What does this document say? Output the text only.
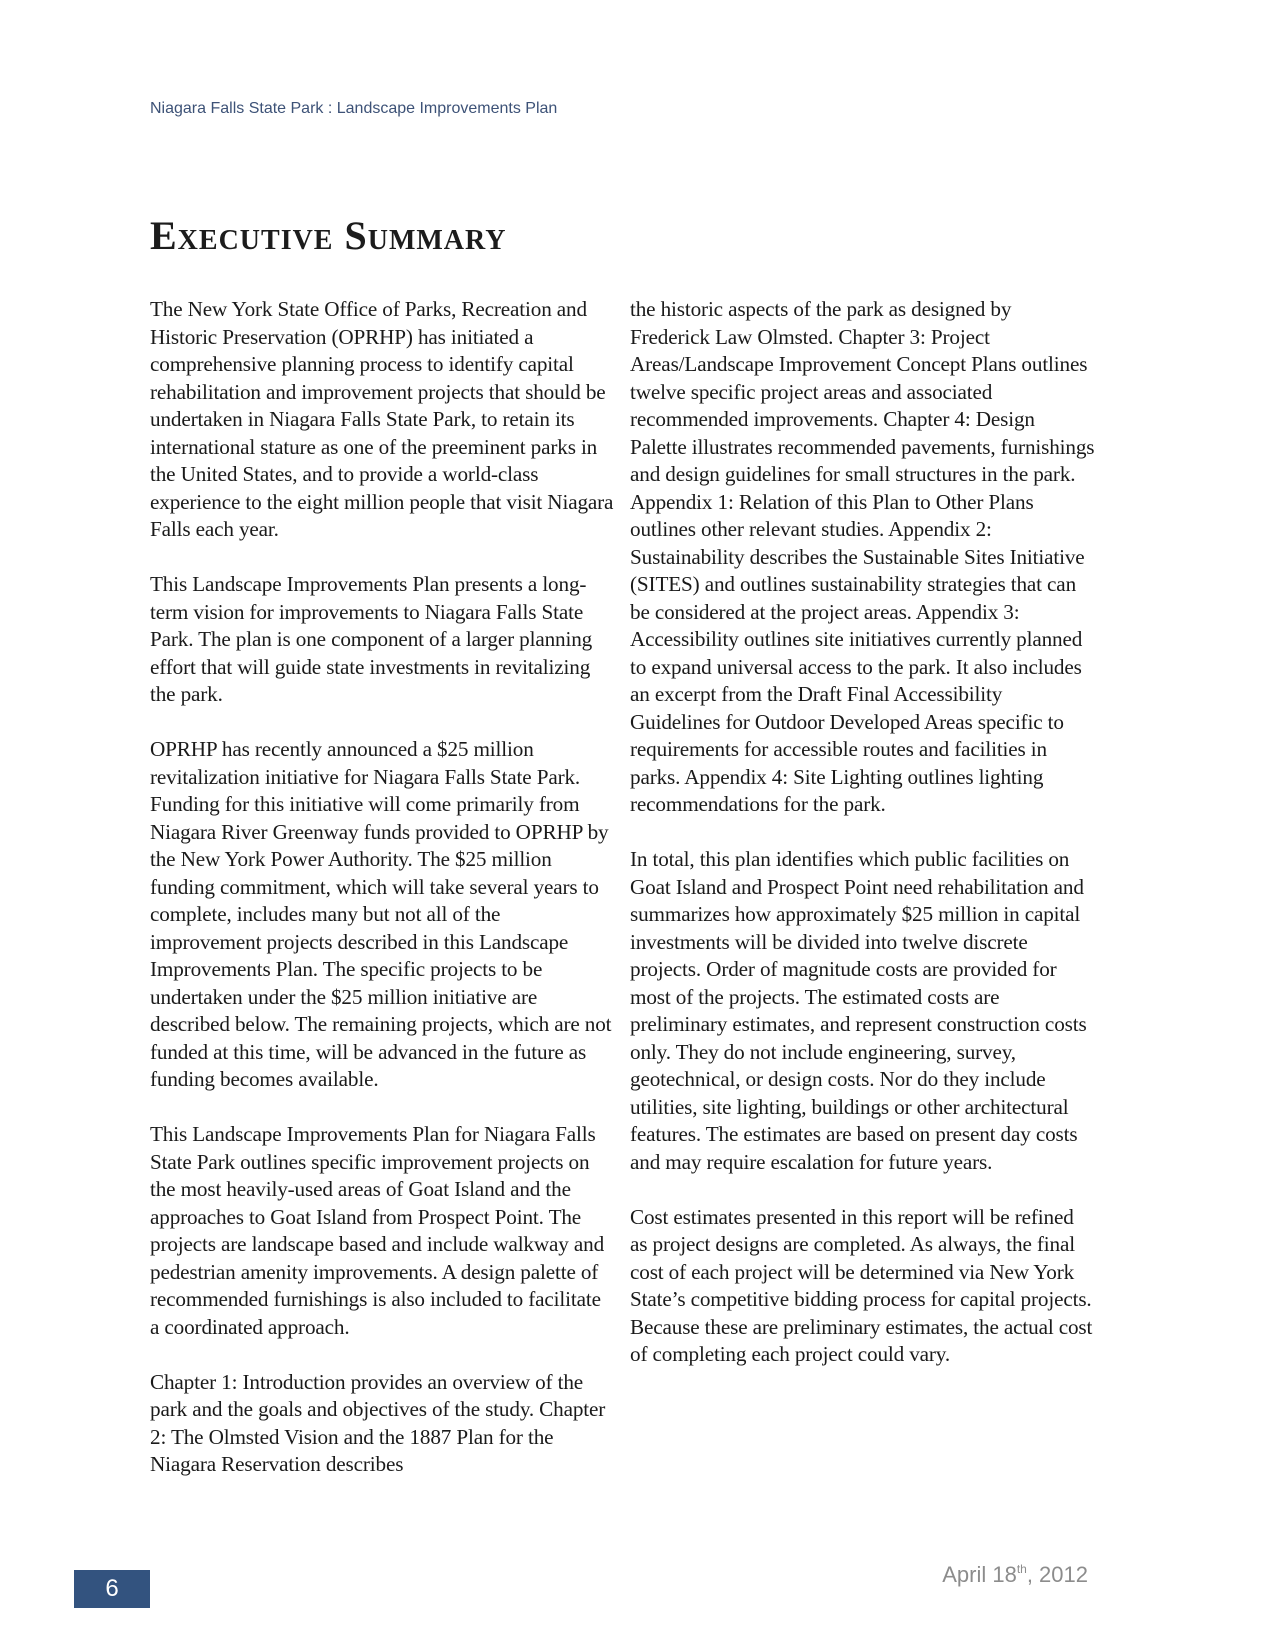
Niagara Falls State Park : Landscape Improvements Plan
Executive Summary

The New York State Office of Parks, Recreation and Historic Preservation (OPRHP) has initiated a comprehensive planning process to identify capital rehabilitation and improvement projects that should be undertaken in Niagara Falls State Park, to retain its international stature as one of the preeminent parks in the United States, and to provide a world-class experience to the eight million people that visit Niagara Falls each year.

This Landscape Improvements Plan presents a long-term vision for improvements to Niagara Falls State Park. The plan is one component of a larger planning effort that will guide state investments in revitalizing the park.

OPRHP has recently announced a $25 million revitalization initiative for Niagara Falls State Park. Funding for this initiative will come primarily from Niagara River Greenway funds provided to OPRHP by the New York Power Authority. The $25 million funding commitment, which will take several years to complete, includes many but not all of the improvement projects described in this Landscape Improvements Plan. The specific projects to be undertaken under the $25 million initiative are described below. The remaining projects, which are not funded at this time, will be advanced in the future as funding becomes available.

This Landscape Improvements Plan for Niagara Falls State Park outlines specific improvement projects on the most heavily-used areas of Goat Island and the approaches to Goat Island from Prospect Point. The projects are landscape based and include walkway and pedestrian amenity improvements. A design palette of recommended furnishings is also included to facilitate a coordinated approach.

Chapter 1: Introduction provides an overview of the park and the goals and objectives of the study. Chapter 2: The Olmsted Vision and the 1887 Plan for the Niagara Reservation describes

the historic aspects of the park as designed by Frederick Law Olmsted. Chapter 3: Project Areas/Landscape Improvement Concept Plans outlines twelve specific project areas and associated recommended improvements. Chapter 4: Design Palette illustrates recommended pavements, furnishings and design guidelines for small structures in the park. Appendix 1: Relation of this Plan to Other Plans outlines other relevant studies. Appendix 2: Sustainability describes the Sustainable Sites Initiative (SITES) and outlines sustainability strategies that can be considered at the project areas. Appendix 3: Accessibility outlines site initiatives currently planned to expand universal access to the park. It also includes an excerpt from the Draft Final Accessibility Guidelines for Outdoor Developed Areas specific to requirements for accessible routes and facilities in parks. Appendix 4: Site Lighting outlines lighting recommendations for the park.

In total, this plan identifies which public facilities on Goat Island and Prospect Point need rehabilitation and summarizes how approximately $25 million in capital investments will be divided into twelve discrete projects. Order of magnitude costs are provided for most of the projects. The estimated costs are preliminary estimates, and represent construction costs only. They do not include engineering, survey, geotechnical, or design costs. Nor do they include utilities, site lighting, buildings or other architectural features. The estimates are based on present day costs and may require escalation for future years.

Cost estimates presented in this report will be refined as project designs are completed. As always, the final cost of each project will be determined via New York State’s competitive bidding process for capital projects. Because these are preliminary estimates, the actual cost of completing each project could vary.

6
April 18th, 2012
